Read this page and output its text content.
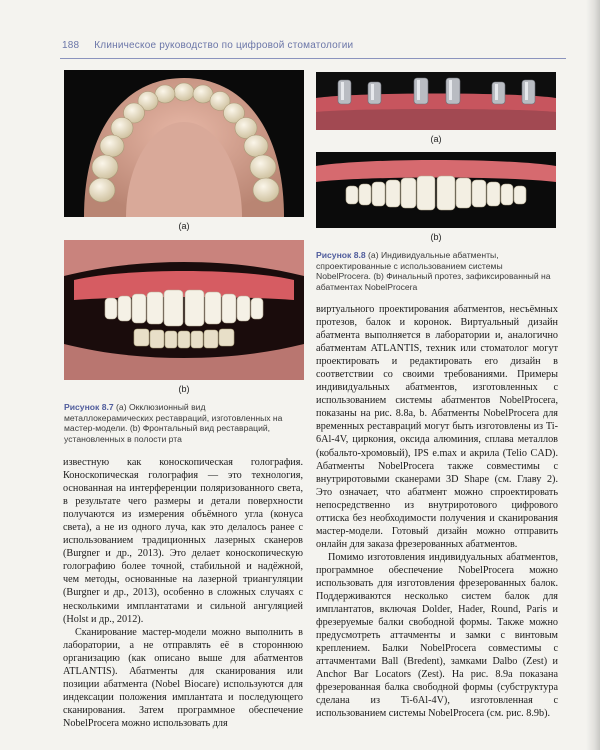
188 Клиническое руководство по цифровой стоматологии
(a)
(b)
Рисунок 8.7 (a) Окклюзионный вид металлокерамических реставраций, изготовленных на мастер-модели. (b) Фронтальный вид реставраций, установленных в полости рта
(a)
(b)
Рисунок 8.8 (a) Индивидуальные абатменты, спроектированные с использованием системы NobelProcera. (b) Финальный протез, зафиксированный на абатментах NobelProcera

известную как коноскопическая голография. Коноскопическая голография — это технология, основанная на интерференции поляризованного света, в результате чего размеры и детали поверхности получаются из измерения объёмного угла (конуса света), а не из одного луча, как это делалось ранее с использованием традиционных лазерных сканеров (Burgner и др., 2013). Это делает коноскопическую голографию более точной, стабильной и надёжной, чем методы, основанные на лазерной триангуляции (Burgner и др., 2013), особенно в сложных случаях с несколькими имплантатами и сильной ангуляцией (Holst и др., 2012).

Сканирование мастер-модели можно выполнить в лаборатории, а не отправлять её в стороннюю организацию (как описано выше для абатментов ATLANTIS). Абатменты для сканирования или позиции абатмента (Nobel Biocare) используются для индексации положения имплантата и последующего сканирования. Затем программное обеспечение NobelProcera можно использовать для

виртуального проектирования абатментов, несъёмных протезов, балок и коронок. Виртуальный дизайн абатмента выполняется в лаборатории и, аналогично абатментам ATLANTIS, техник или стоматолог могут проектировать и редактировать его дизайн в соответствии со своими требованиями. Примеры индивидуальных абатментов, изготовленных с использованием системы абатментов NobelProcera, показаны на рис. 8.8a, b. Абатменты NobelProcera для временных реставраций могут быть изготовлены из Ti-6Al-4V, циркония, оксида алюминия, сплава металлов (кобальто-хромовый), IPS e.max и акрила (Telio CAD). Абатменты NobelProcera также совместимы с внутриротовыми сканерами 3D Shape (см. Главу 2). Это означает, что абатмент можно спроектировать непосредственно из внутриротового цифрового оттиска без необходимости получения и сканирования мастер-модели. Готовый дизайн можно отправить онлайн для заказа фрезерованных абатментов.

Помимо изготовления индивидуальных абатментов, программное обеспечение NobelProcera можно использовать для изготовления фрезерованных балок. Поддерживаются несколько систем балок для имплантатов, включая Dolder, Hader, Round, Paris и фрезеруемые балки свободной формы. Также можно предусмотреть аттачменты и замки с винтовым креплением. Балки NobelProcera совместимы с аттачментами Ball (Bredent), замками Dalbo (Zest) и Anchor Bar Locators (Zest). На рис. 8.9a показана фрезерованная балка свободной формы (субструктура сделана из Ti-6Al-4V), изготовленная с использованием системы NobelProcera (см. рис. 8.9b).
